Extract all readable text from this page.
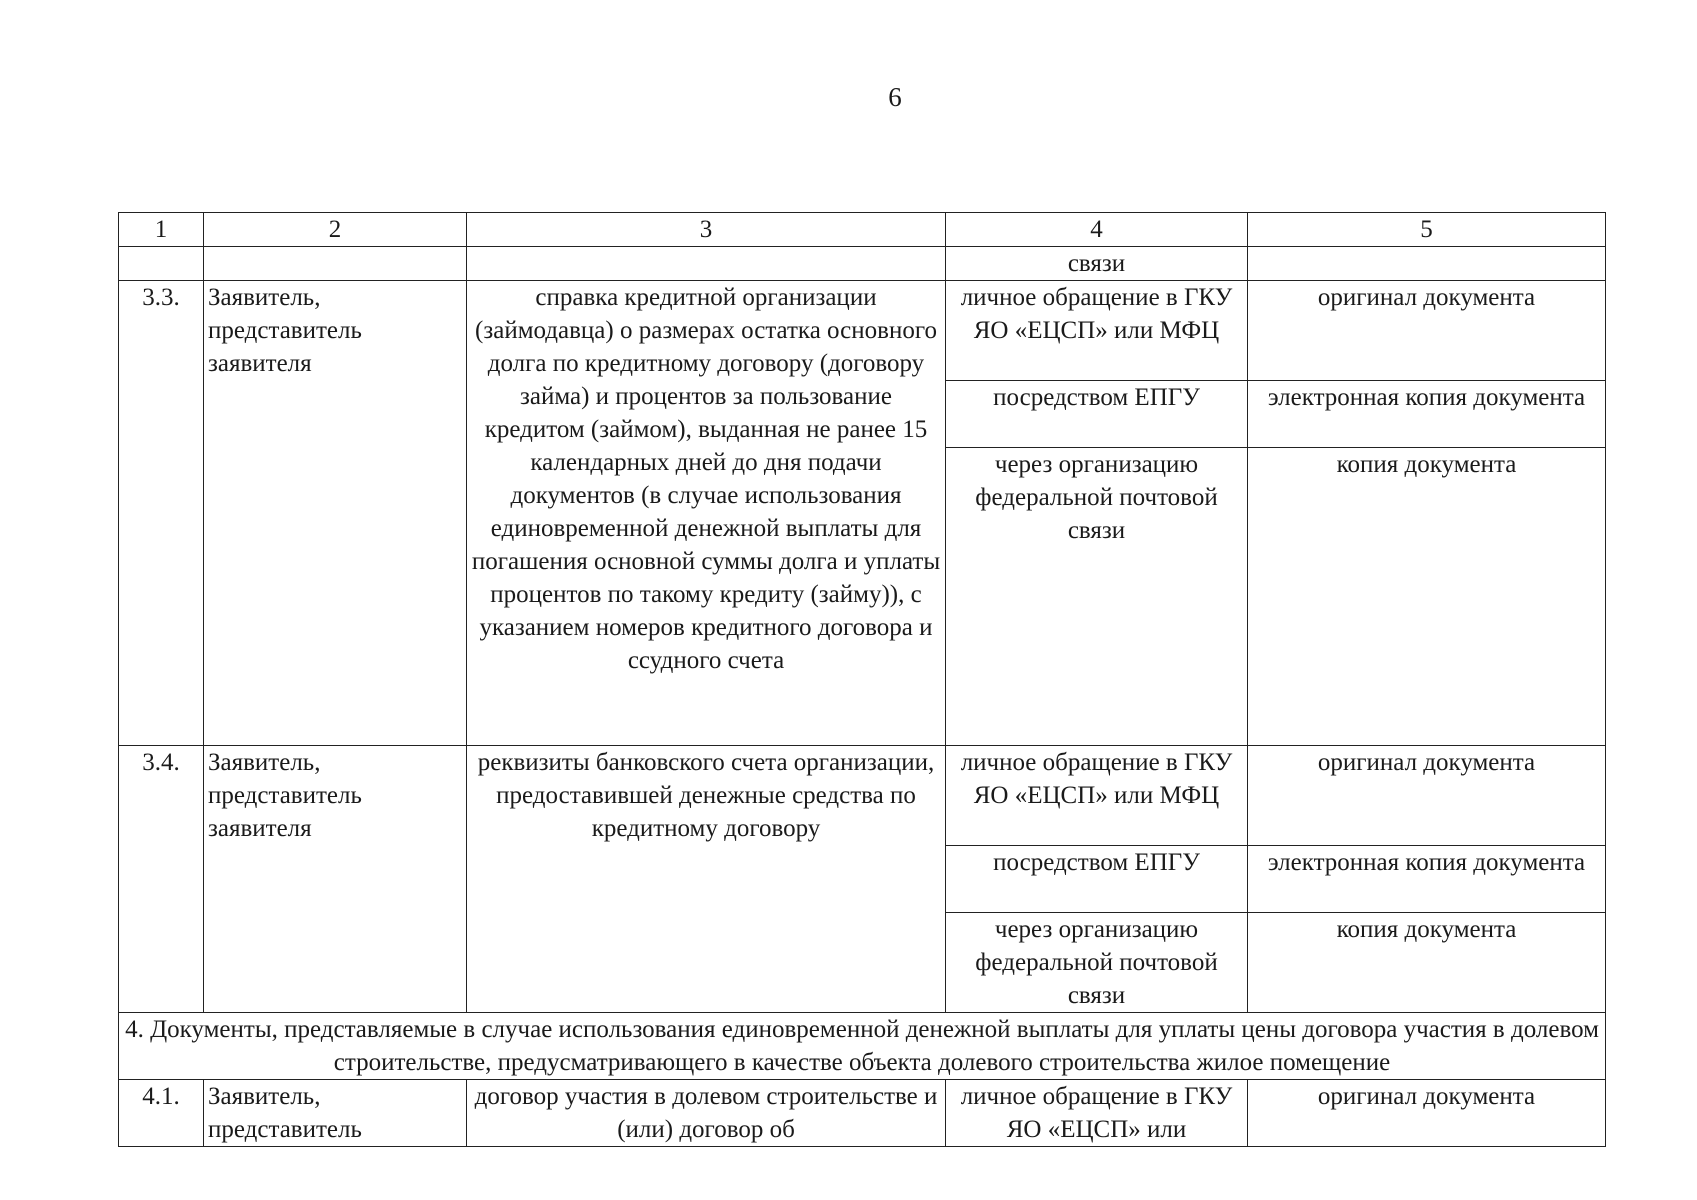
6
1	2	3	4	5
			связи	
3.3.	Заявитель, представитель заявителя	справка кредитной организации (займодавца) о размерах остатка основного долга по кредитному договору (договору займа) и процентов за пользование кредитом (займом), выданная не ранее 15 календарных дней до дня подачи документов (в случае использования единовременной денежной выплаты для погашения основной суммы долга и уплаты процентов по такому кредиту (займу)), с указанием номеров кредитного договора и ссудного счета	личное обращение в ГКУ ЯО «ЕЦСП» или МФЦ	оригинал документа
			посредством ЕПГУ	электронная копия документа
			через организацию федеральной почтовой связи	копия документа
3.4.	Заявитель, представитель заявителя	реквизиты банковского счета организации, предоставившей денежные средства по кредитному договору	личное обращение в ГКУ ЯО «ЕЦСП» или МФЦ	оригинал документа
			посредством ЕПГУ	электронная копия документа
			через организацию федеральной почтовой связи	копия документа
4. Документы, представляемые в случае использования единовременной денежной выплаты для уплаты цены договора участия в долевом строительстве, предусматривающего в качестве объекта долевого строительства жилое помещение				
4.1.	Заявитель, представитель	договор участия в долевом строительстве и (или) договор об	личное обращение в ГКУ ЯО «ЕЦСП» или	оригинал документа
